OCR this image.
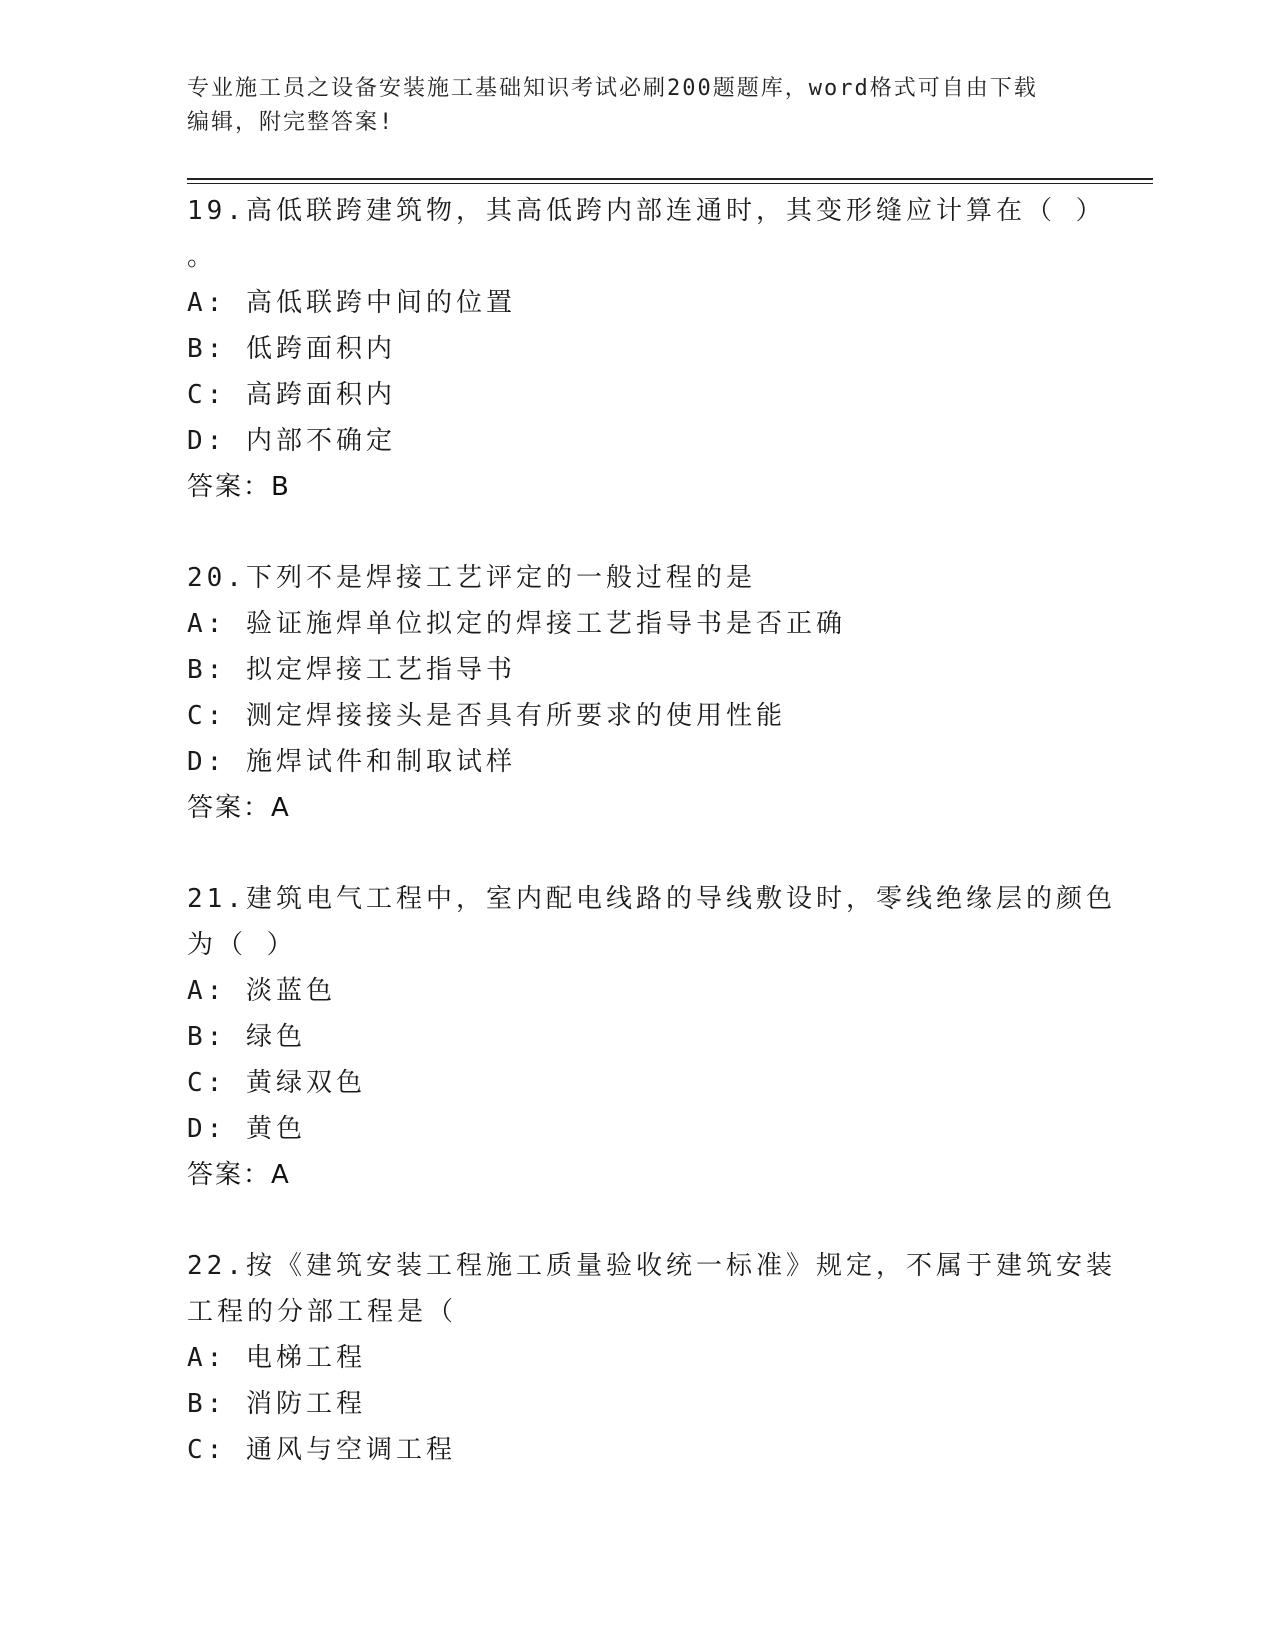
专业施工员之设备安装施工基础知识考试必刷200题题库，word格式可自由下载
编辑，附完整答案!

19.高低联跨建筑物，其高低跨内部连通时，其变形缝应计算在（ ）

。

A: 高低联跨中间的位置

B: 低跨面积内

C: 高跨面积内

D: 内部不确定

答案：B

20.下列不是焊接工艺评定的一般过程的是

A: 验证施焊单位拟定的焊接工艺指导书是否正确

B: 拟定焊接工艺指导书

C: 测定焊接接头是否具有所要求的使用性能

D: 施焊试件和制取试样

答案：A

21.建筑电气工程中，室内配电线路的导线敷设时，零线绝缘层的颜色

为（ ）

A: 淡蓝色

B: 绿色

C: 黄绿双色

D: 黄色

答案：A

22.按《建筑安装工程施工质量验收统一标准》规定，不属于建筑安装

工程的分部工程是（

A: 电梯工程

B: 消防工程

C: 通风与空调工程
